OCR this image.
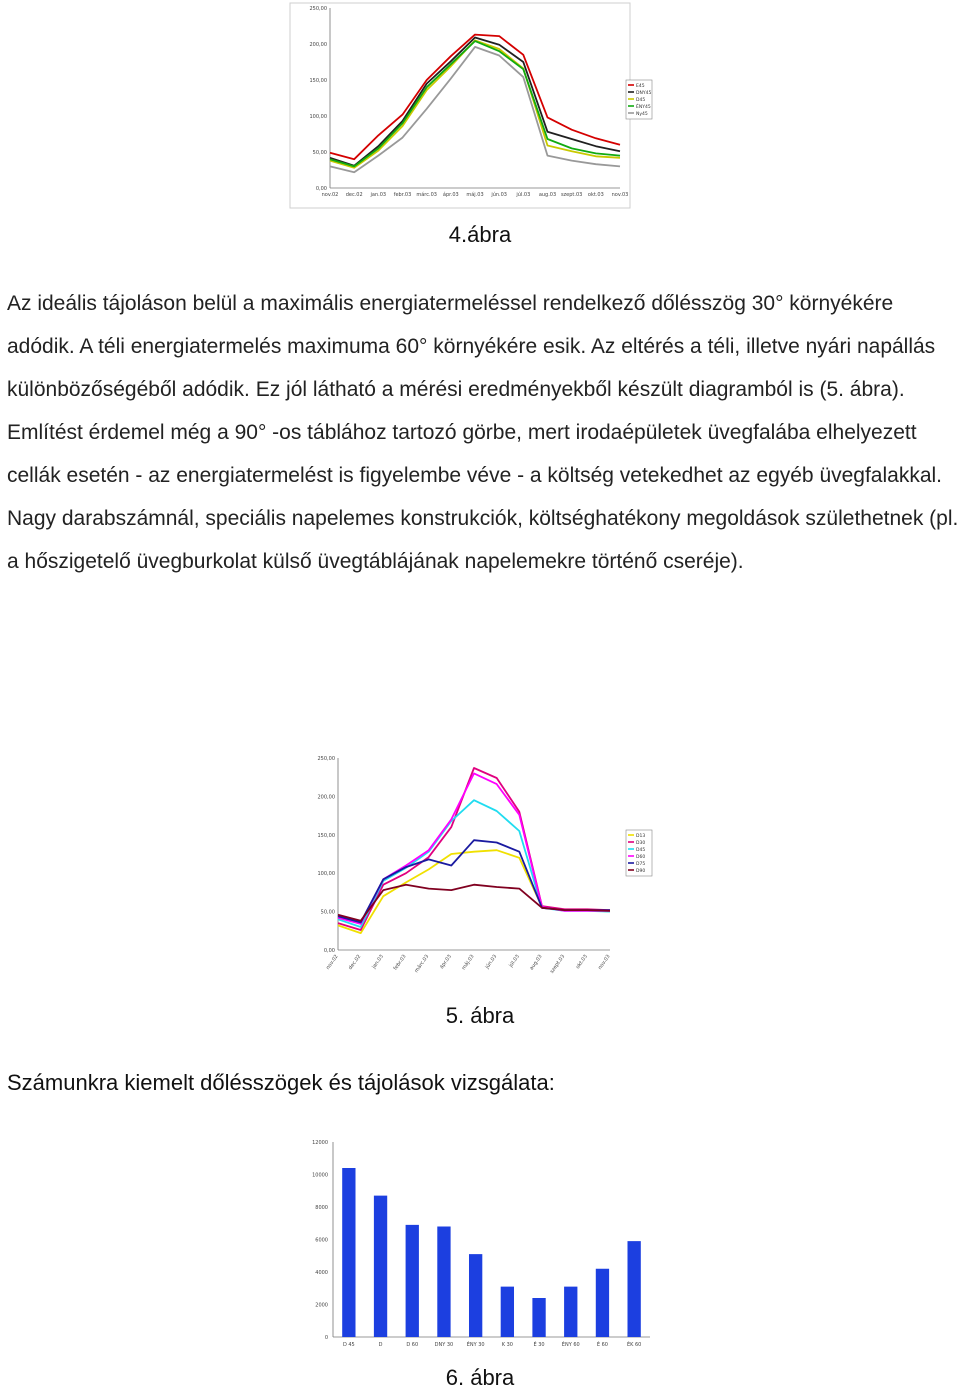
250,00
200,00
150,00
100,00
50,00
0,00
nov.02 dec.02 jan.03 febr.03 márc.03 ápr.03 máj.03 jún.03 júl.03 aug.03 szept.03 okt.03 nov.03
E45
DNY45
D45
ÉNY45
Ny45
4.ábra

Az ideális tájoláson belül a maximális energiatermeléssel rendelkező dőlésszög 30° környékére adódik. A téli energiatermelés maximuma 60° környékére esik. Az eltérés a téli, illetve nyári napállás különbözőségéből adódik. Ez jól látható a mérési eredményekből készült diagramból is (5. ábra). Említést érdemel még a 90° -os táblához tartozó görbe, mert irodaépületek üvegfalába elhelyezett cellák esetén - az energiatermelést is figyelembe véve - a költség vetekedhet az egyéb üvegfalakkal. Nagy darabszámnál, speciális napelemes konstrukciók, költséghatékony megoldások születhetnek (pl. a hőszigetelő üvegburkolat külső üvegtáblájának napelemekre történő cseréje).

250,00
200,00
150,00
100,00
50,00
0,00
nov.02 dec.02 jan.03 febr.03 márc.03 ápr.03 máj.03 jún.03 júl.03 aug.03 szept.03 okt.03 nov.03
D13
D30
D45
D60
D75
D90
5. ábra

Számunkra kiemelt dőlésszögek és tájolások vizsgálata:

12000
10000
8000
6000
4000
2000
0
D 45	D	D 60	DNY 30	ÉNY 30	K 30	É 30	ÉNY 60	É 60	ÉK 60
6. ábra
